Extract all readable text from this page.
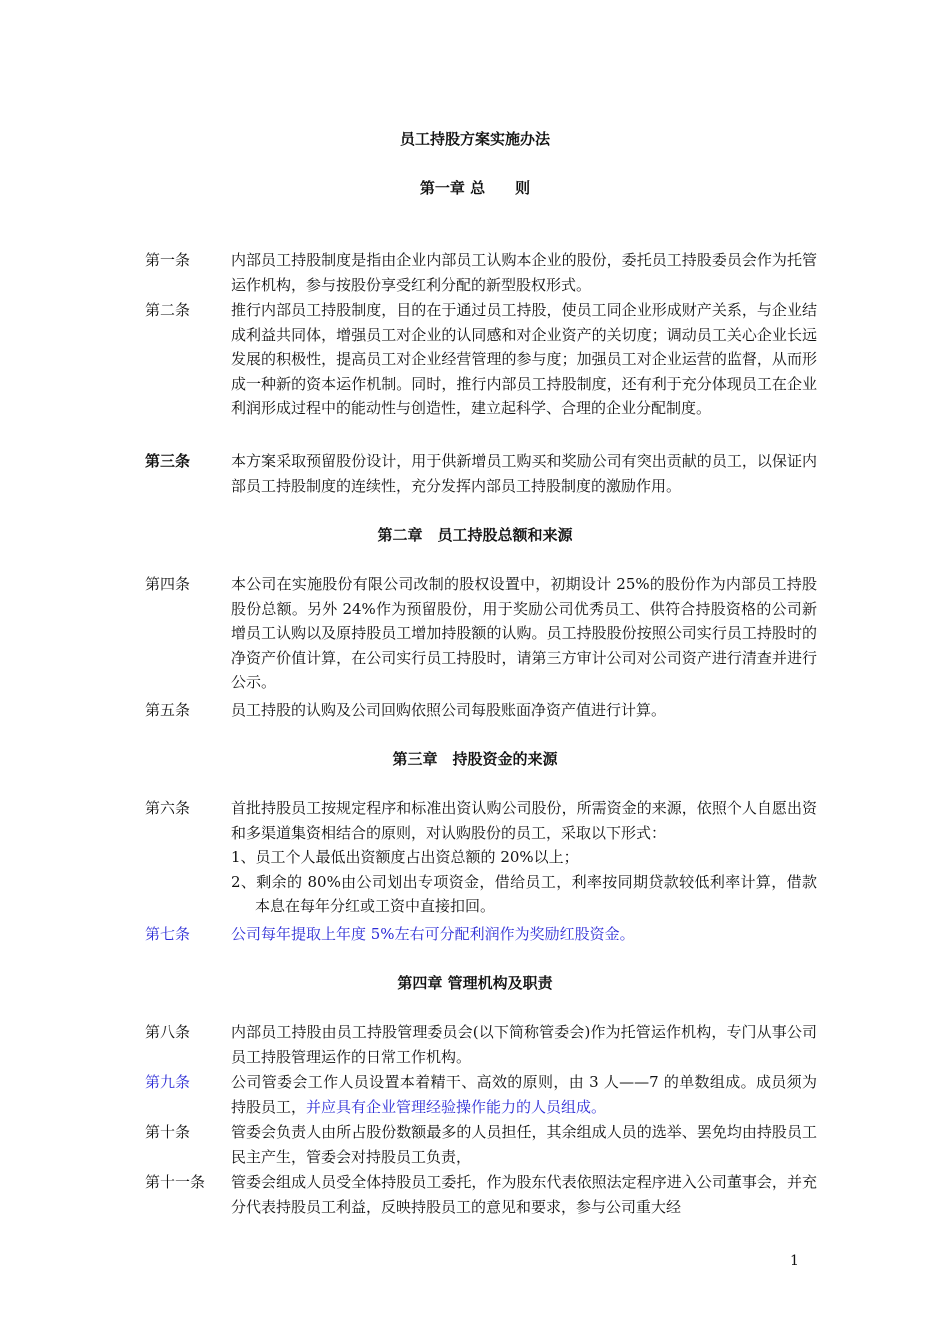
员工持股方案实施办法
第一章 总　　则
第一条	内部员工持股制度是指由企业内部员工认购本企业的股份，委托员工持股委员会作为托管运作机构，参与按股份享受红利分配的新型股权形式。
第二条	推行内部员工持股制度，目的在于通过员工持股，使员工同企业形成财产关系，与企业结成利益共同体，增强员工对企业的认同感和对企业资产的关切度；调动员工关心企业长远发展的积极性，提高员工对企业经营管理的参与度；加强员工对企业运营的监督，从而形成一种新的资本运作机制。同时，推行内部员工持股制度，还有利于充分体现员工在企业利润形成过程中的能动性与创造性，建立起科学、合理的企业分配制度。
第三条	本方案采取预留股份设计，用于供新增员工购买和奖励公司有突出贡献的员工，以保证内部员工持股制度的连续性，充分发挥内部员工持股制度的激励作用。
第二章　员工持股总额和来源
第四条	本公司在实施股份有限公司改制的股权设置中，初期设计 25%的股份作为内部员工持股股份总额。另外 24%作为预留股份，用于奖励公司优秀员工、供符合持股资格的公司新增员工认购以及原持股员工增加持股额的认购。员工持股股份按照公司实行员工持股时的净资产价值计算，在公司实行员工持股时，请第三方审计公司对公司资产进行清查并进行公示。
第五条	员工持股的认购及公司回购依照公司每股账面净资产值进行计算。
第三章　持股资金的来源
第六条	首批持股员工按规定程序和标准出资认购公司股份，所需资金的来源，依照个人自愿出资和多渠道集资相结合的原则，对认购股份的员工，采取以下形式：
1、员工个人最低出资额度占出资总额的 20%以上；
2、剩余的 80%由公司划出专项资金，借给员工，利率按同期贷款较低利率计算，借款本息在每年分红或工资中直接扣回。
第七条	公司每年提取上年度 5%左右可分配利润作为奖励红股资金。
第四章 管理机构及职责
第八条	内部员工持股由员工持股管理委员会(以下简称管委会)作为托管运作机构，专门从事公司员工持股管理运作的日常工作机构。
第九条	公司管委会工作人员设置本着精干、高效的原则，由 3 人——7 的单数组成。成员须为持股员工，并应具有企业管理经验操作能力的人员组成。
第十条	管委会负责人由所占股份数额最多的人员担任，其余组成人员的选举、罢免均由持股员工民主产生，管委会对持股员工负责，
第十一条	管委会组成人员受全体持股员工委托，作为股东代表依照法定程序进入公司董事会，并充分代表持股员工利益，反映持股员工的意见和要求，参与公司重大经
1
